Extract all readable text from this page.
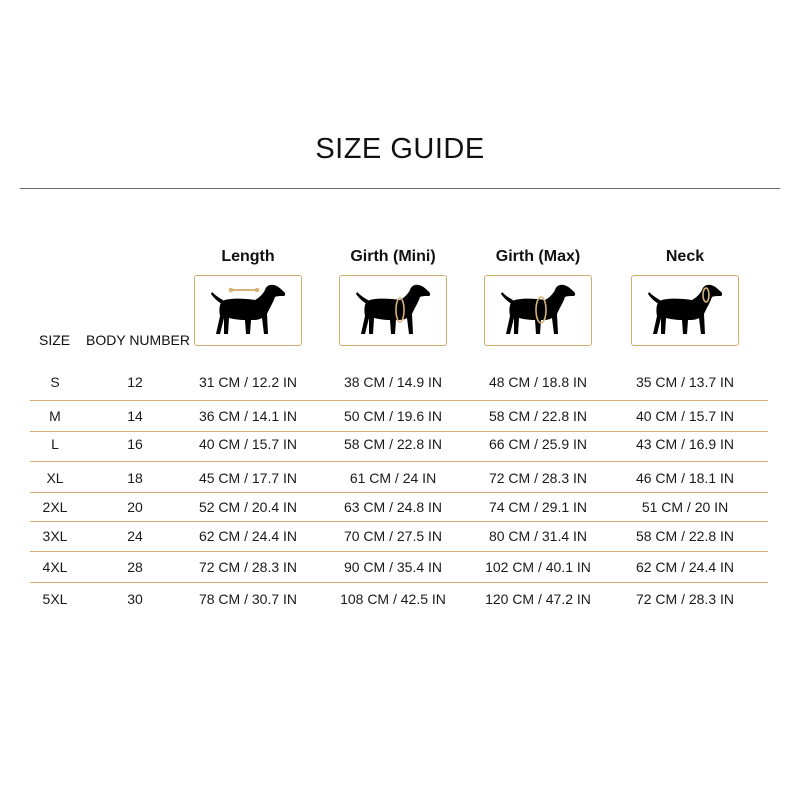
SIZE GUIDE
Length	Girth (Mini)	Girth (Max)	Neck
SIZE BODY NUMBER
S	12	31 CM / 12.2 IN	38 CM / 14.9 IN	48 CM / 18.8 IN	35 CM / 13.7 IN
M	14	36 CM / 14.1 IN	50 CM / 19.6 IN	58 CM / 22.8 IN	40 CM / 15.7 IN
L	16	40 CM / 15.7 IN	58 CM / 22.8 IN	66 CM / 25.9 IN	43 CM / 16.9 IN
XL	18	45 CM / 17.7 IN	61 CM / 24 IN	72 CM / 28.3 IN	46 CM / 18.1 IN
2XL	20	52 CM / 20.4 IN	63 CM / 24.8 IN	74 CM / 29.1 IN	51 CM / 20 IN
3XL	24	62 CM / 24.4 IN	70 CM / 27.5 IN	80 CM / 31.4 IN	58 CM / 22.8 IN
4XL	28	72 CM / 28.3 IN	90 CM / 35.4 IN	102 CM / 40.1 IN	62 CM / 24.4 IN
5XL	30	78 CM / 30.7 IN	108 CM / 42.5 IN	120 CM / 47.2 IN	72 CM / 28.3 IN
